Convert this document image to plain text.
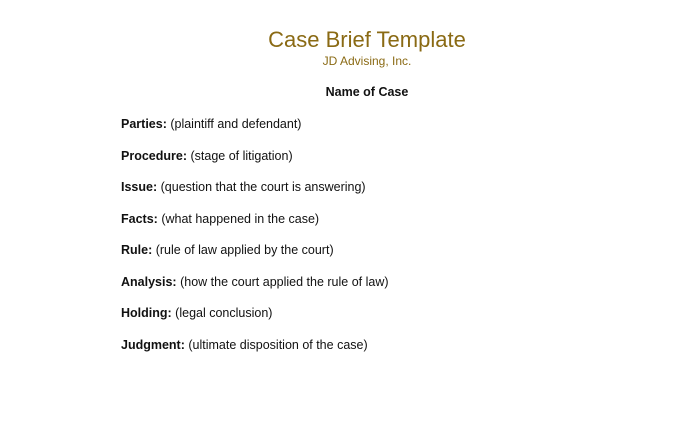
Case Brief Template
JD Advising, Inc.
Name of Case
Parties: (plaintiff and defendant)
Procedure: (stage of litigation)
Issue: (question that the court is answering)
Facts: (what happened in the case)
Rule: (rule of law applied by the court)
Analysis: (how the court applied the rule of law)
Holding: (legal conclusion)
Judgment: (ultimate disposition of the case)
